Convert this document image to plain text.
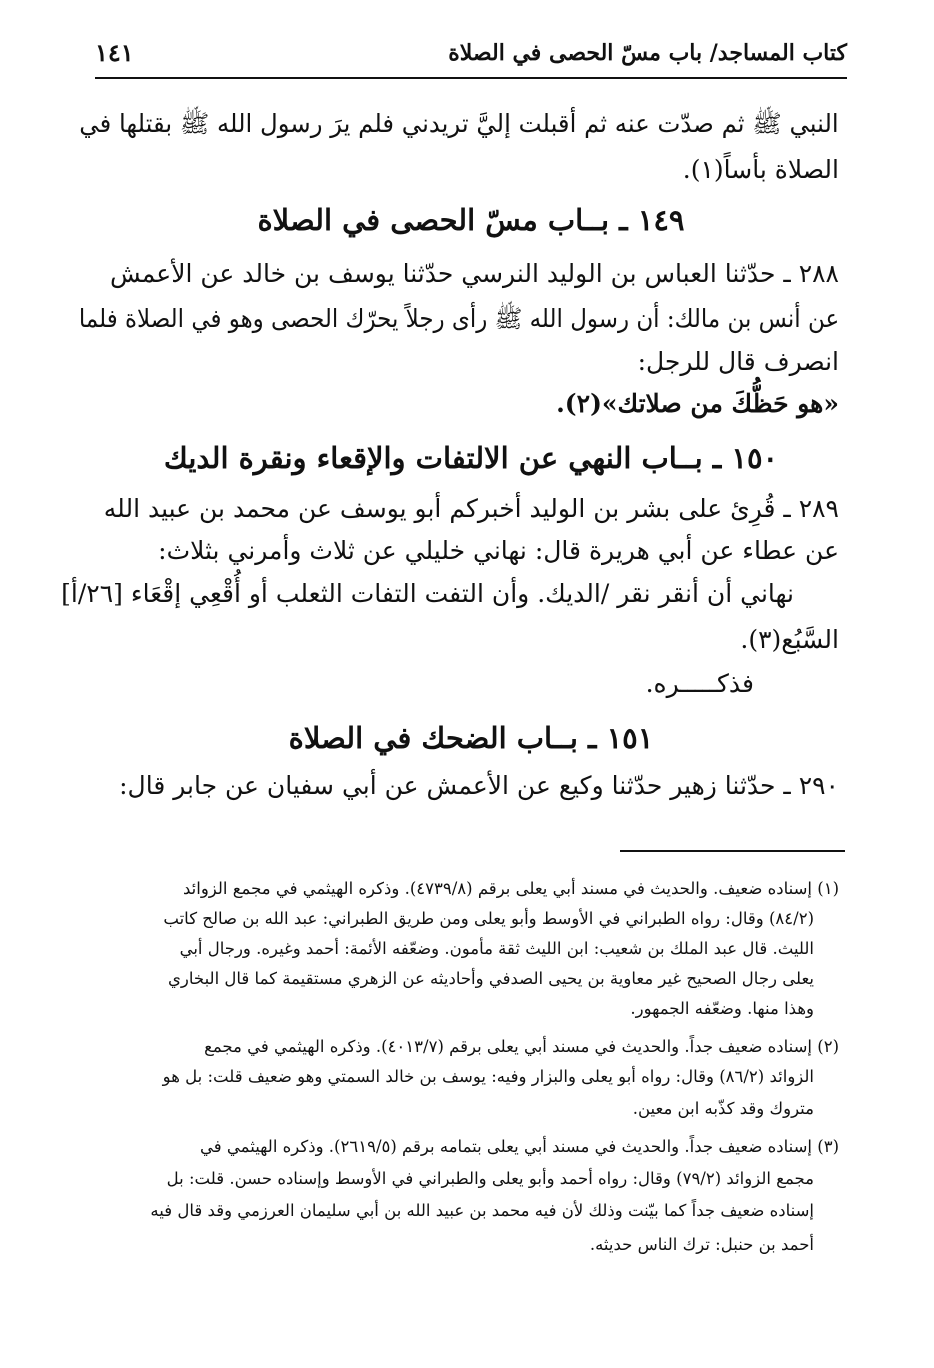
كتاب المساجد/ باب مسّ الحصى في الصلاة
١٤١
النبي ﷺ ثم صدّت عنه ثم أقبلت إليَّ تريدني فلم يرَ رسول الله ﷺ بقتلها في
الصلاة بأساً(١).
١٤٩ ـ بــاب مسّ الحصى في الصلاة
٢٨٨ ـ حدّثنا العباس بن الوليد النرسي حدّثنا يوسف بن خالد عن الأعمش
عن أنس بن مالك: أن رسول الله ﷺ رأى رجلاً يحرّك الحصى وهو في الصلاة فلما
انصرف قال للرجل:
«هو حَظُّكَ من صلاتك»(٢).
١٥٠ ـ بــاب النهي عن الالتفات والإقعاء ونقرة الديك
٢٨٩ ـ قُرِئ على بشر بن الوليد أخبركم أبو يوسف عن محمد بن عبيد الله
عن عطاء عن أبي هريرة قال: نهاني خليلي عن ثلاث وأمرني بثلاث:
نهاني أن أنقر نقر /الديك. وأن التفت التفات الثعلب أو أُقْعِي إقْعَاء [٢٦/أ]
السَّبُع(٣).
فذكـــــره.
١٥١ ـ بــاب الضحك في الصلاة
٢٩٠ ـ حدّثنا زهير حدّثنا وكيع عن الأعمش عن أبي سفيان عن جابر قال:
(١) إسناده ضعيف. والحديث في مسند أبي يعلى برقم (٤٧٣٩/٨). وذكره الهيثمي في مجمع الزوائد
(٨٤/٢) وقال: رواه الطبراني في الأوسط وأبو يعلى ومن طريق الطبراني: عبد الله بن صالح كاتب
الليث. قال عبد الملك بن شعيب: ابن الليث ثقة مأمون. وضعّفه الأئمة: أحمد وغيره. ورجال أبي
يعلى رجال الصحيح غير معاوية بن يحيى الصدفي وأحاديثه عن الزهري مستقيمة كما قال البخاري
وهذا منها. وضعّفه الجمهور.
(٢) إسناده ضعيف جداً. والحديث في مسند أبي يعلى برقم (٤٠١٣/٧). وذكره الهيثمي في مجمع
الزوائد (٨٦/٢) وقال: رواه أبو يعلى والبزار وفيه: يوسف بن خالد السمتي وهو ضعيف قلت: بل هو
متروك وقد كذّبه ابن معين.
(٣) إسناده ضعيف جداً. والحديث في مسند أبي يعلى بتمامه برقم (٢٦١٩/٥). وذكره الهيثمي في
مجمع الزوائد (٧٩/٢) وقال: رواه أحمد وأبو يعلى والطبراني في الأوسط وإسناده حسن. قلت: بل
إسناده ضعيف جداً كما بيّنت وذلك لأن فيه محمد بن عبيد الله بن أبي سليمان العرزمي وقد قال فيه
أحمد بن حنبل: ترك الناس حديثه.
